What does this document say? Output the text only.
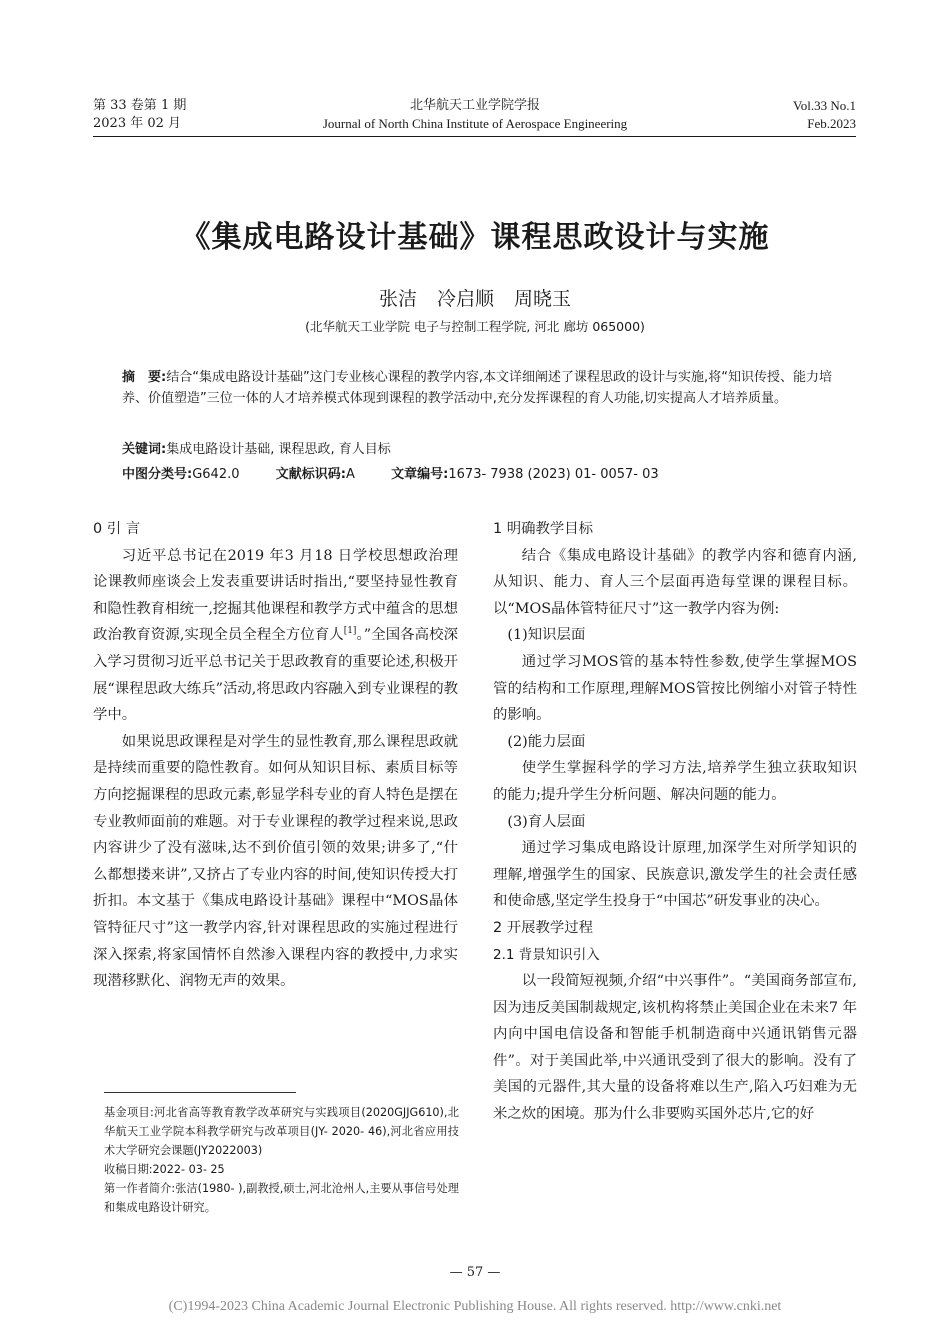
第 33 卷第 1 期
2023 年 02 月
北华航天工业学院学报
Journal of North China Institute of Aerospace Engineering
Vol.33 No.1
Feb.2023
《集成电路设计基础》课程思政设计与实施
张洁 冷启顺 周晓玉
(北华航天工业学院 电子与控制工程学院, 河北 廊坊 065000)
摘　要:结合“集成电路设计基础”这门专业核心课程的教学内容,本文详细阐述了课程思政的设计与实施,将“知识传授、能力培养、价值塑造”三位一体的人才培养模式体现到课程的教学活动中,充分发挥课程的育人功能,切实提高人才培养质量。
关键词:集成电路设计基础, 课程思政, 育人目标
中图分类号:G642.0	文献标识码:A	文章编号:1673- 7938 (2023) 01- 0057- 03
0 引 言

习近平总书记在2019 年3 月18 日学校思想政治理论课教师座谈会上发表重要讲话时指出,“要坚持显性教育和隐性教育相统一,挖掘其他课程和教学方式中蕴含的思想政治教育资源,实现全员全程全方位育人[1]。”全国各高校深入学习贯彻习近平总书记关于思政教育的重要论述,积极开展“课程思政大练兵”活动,将思政内容融入到专业课程的教学中。

如果说思政课程是对学生的显性教育,那么课程思政就是持续而重要的隐性教育。如何从知识目标、素质目标等方向挖掘课程的思政元素,彰显学科专业的育人特色是摆在专业教师面前的难题。对于专业课程的教学过程来说,思政内容讲少了没有滋味,达不到价值引领的效果;讲多了,“什么都想搂来讲”,又挤占了专业内容的时间,使知识传授大打折扣。本文基于《集成电路设计基础》课程中“MOS晶体管特征尺寸”这一教学内容,针对课程思政的实施过程进行深入探索,将家国情怀自然渗入课程内容的教授中,力求实现潜移默化、润物无声的效果。

1 明确教学目标

结合《集成电路设计基础》的教学内容和德育内涵,从知识、能力、育人三个层面再造每堂课的课程目标。以“MOS晶体管特征尺寸”这一教学内容为例:

(1)知识层面

通过学习MOS管的基本特性参数,使学生掌握MOS管的结构和工作原理,理解MOS管按比例缩小对管子特性的影响。

(2)能力层面

使学生掌握科学的学习方法,培养学生独立获取知识的能力;提升学生分析问题、解决问题的能力。

(3)育人层面

通过学习集成电路设计原理,加深学生对所学知识的理解,增强学生的国家、民族意识,激发学生的社会责任感和使命感,坚定学生投身于“中国芯”研发事业的决心。

2 开展教学过程
2.1 背景知识引入

以一段简短视频,介绍“中兴事件”。“美国商务部宣布,因为违反美国制裁规定,该机构将禁止美国企业在未来7 年内向中国电信设备和智能手机制造商中兴通讯销售元器件”。对于美国此举,中兴通讯受到了很大的影响。没有了美国的元器件,其大量的设备将难以生产,陷入巧妇难为无米之炊的困境。那为什么非要购买国外芯片,它的好

基金项目:河北省高等教育教学改革研究与实践项目(2020GJJG610),北华航天工业学院本科教学研究与改革项目(JY- 2020- 46),河北省应用技术大学研究会课题(JY2022003)

收稿日期:2022- 03- 25

第一作者简介:张洁(1980- ),副教授,硕士,河北沧州人,主要从事信号处理和集成电路设计研究。

— 57 —
(C)1994-2023 China Academic Journal Electronic Publishing House. All rights reserved. http://www.cnki.net
